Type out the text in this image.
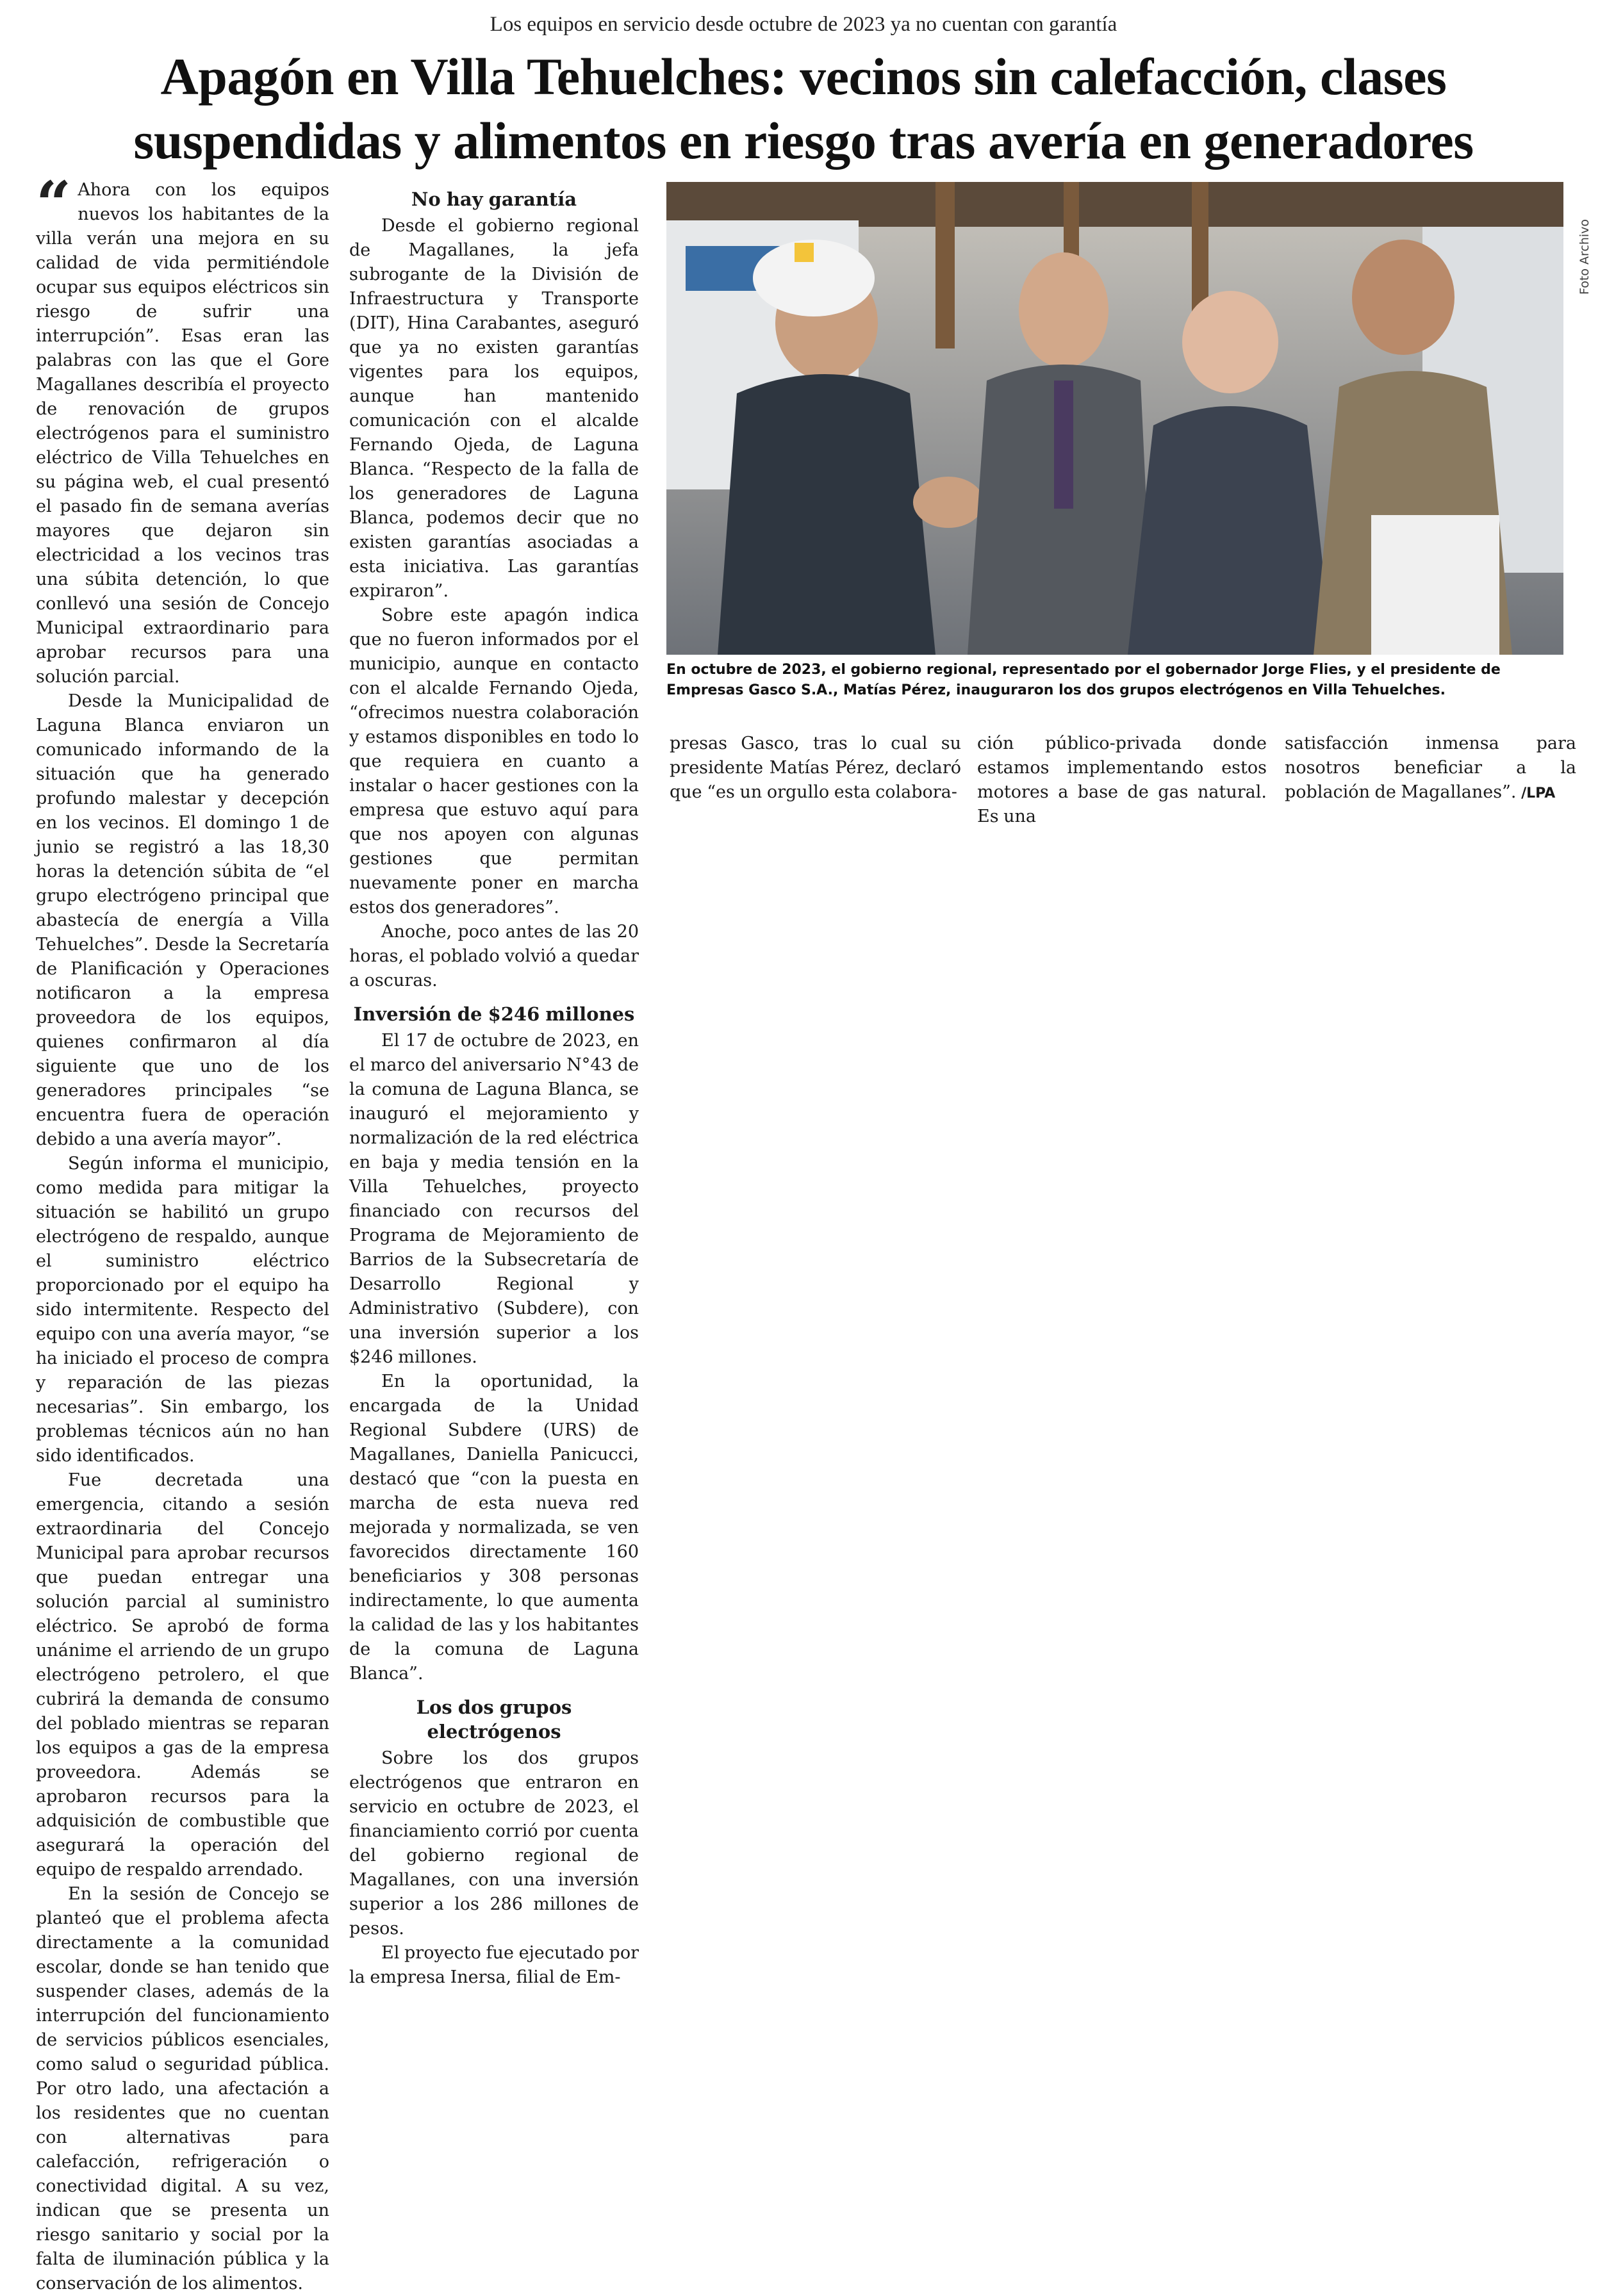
Los equipos en servicio desde octubre de 2023 ya no cuentan con garantía
Apagón en Villa Tehuelches: vecinos sin calefacción, clases
suspendidas y alimentos en riesgo tras avería en generadores
Foto Archivo
En octubre de 2023, el gobierno regional, representado por el gobernador Jorge Flies, y el presidente de Empresas Gasco S.A., Matías Pérez, inauguraron los dos grupos electrógenos en Villa Tehuelches.

“ Ahora con los equipos nuevos los habitantes de la villa verán una mejora en su calidad de vida permitiéndole ocupar sus equipos eléctricos sin riesgo de sufrir una interrupción”. Esas eran las palabras con las que el Gore Magallanes describía el proyecto de renovación de grupos electrógenos para el suministro eléctrico de Villa Tehuelches en su página web, el cual presentó el pasado fin de semana averías mayores que dejaron sin electricidad a los vecinos tras una súbita detención, lo que conllevó una sesión de Concejo Municipal extraordinario para aprobar recursos para una solución parcial.

Desde la Municipalidad de Laguna Blanca enviaron un comunicado informando de la situación que ha generado profundo malestar y decepción en los vecinos. El domingo 1 de junio se registró a las 18,30 horas la detención súbita de “el grupo electrógeno principal que abastecía de energía a Villa Tehuelches”. Desde la Secretaría de Planificación y Operaciones notificaron a la empresa proveedora de los equipos, quienes confirmaron al día siguiente que uno de los generadores principales “se encuentra fuera de operación debido a una avería mayor”.

Según informa el municipio, como medida para mitigar la situación se habilitó un grupo electrógeno de respaldo, aunque el suministro eléctrico proporcionado por el equipo ha sido intermitente. Respecto del equipo con una avería mayor, “se ha iniciado el proceso de compra y reparación de las piezas necesarias”. Sin embargo, los problemas técnicos aún no han sido identificados.

Fue decretada una emergencia, citando a sesión extraordinaria del Concejo Municipal para aprobar recursos que puedan entregar una solución parcial al suministro eléctrico. Se aprobó de forma unánime el arriendo de un grupo electrógeno petrolero, el que cubrirá la demanda de consumo del poblado mientras se reparan los equipos a gas de la empresa proveedora. Además se aprobaron recursos para la adquisición de combustible que asegurará la operación del equipo de respaldo arrendado.

En la sesión de Concejo se planteó que el problema afecta directamente a la comunidad escolar, donde se han tenido que suspender clases, además de la interrupción del funcionamiento de servicios públicos esenciales, como salud o seguridad pública. Por otro lado, una afectación a los residentes que no cuentan con alternativas para calefacción, refrigeración o conectividad digital. A su vez, indican que se presenta un riesgo sanitario y social por la falta de iluminación pública y la conservación de los alimentos.

No hay garantía

Desde el gobierno regional de Magallanes, la jefa subrogante de la División de Infraestructura y Transporte (DIT), Hina Carabantes, aseguró que ya no existen garantías vigentes para los equipos, aunque han mantenido comunicación con el alcalde Fernando Ojeda, de Laguna Blanca. “Respecto de la falla de los generadores de Laguna Blanca, podemos decir que no existen garantías asociadas a esta iniciativa. Las garantías expiraron”.

Sobre este apagón indica que no fueron informados por el municipio, aunque en contacto con el alcalde Fernando Ojeda, “ofrecimos nuestra colaboración y estamos disponibles en todo lo que requiera en cuanto a instalar o hacer gestiones con la empresa que estuvo aquí para que nos apoyen con algunas gestiones que permitan nuevamente poner en marcha estos dos generadores”.

Anoche, poco antes de las 20 horas, el poblado volvió a quedar a oscuras.

Inversión de $246 millones

El 17 de octubre de 2023, en el marco del aniversario N°43 de la comuna de Laguna Blanca, se inauguró el mejoramiento y normalización de la red eléctrica en baja y media tensión en la Villa Tehuelches, proyecto financiado con recursos del Programa de Mejoramiento de Barrios de la Subsecretaría de Desarrollo Regional y Administrativo (Subdere), con una inversión superior a los $246 millones.

En la oportunidad, la encargada de la Unidad Regional Subdere (URS) de Magallanes, Daniella Panicucci, destacó que “con la puesta en marcha de esta nueva red mejorada y normalizada, se ven favorecidos directamente 160 beneficiarios y 308 personas indirectamente, lo que aumenta la calidad de las y los habitantes de la comuna de Laguna Blanca”.

Los dos grupos electrógenos

Sobre los dos grupos electrógenos que entraron en servicio en octubre de 2023, el financiamiento corrió por cuenta del gobierno regional de Magallanes, con una inversión superior a los 286 millones de pesos.

El proyecto fue ejecutado por la empresa Inersa, filial de Em-

presas Gasco, tras lo cual su presidente Matías Pérez, declaró que “es un orgullo esta colabora-

ción público-privada donde estamos implementando estos motores a base de gas natural. Es una

satisfacción inmensa para nosotros beneficiar a la población de Magallanes”. /LPA
